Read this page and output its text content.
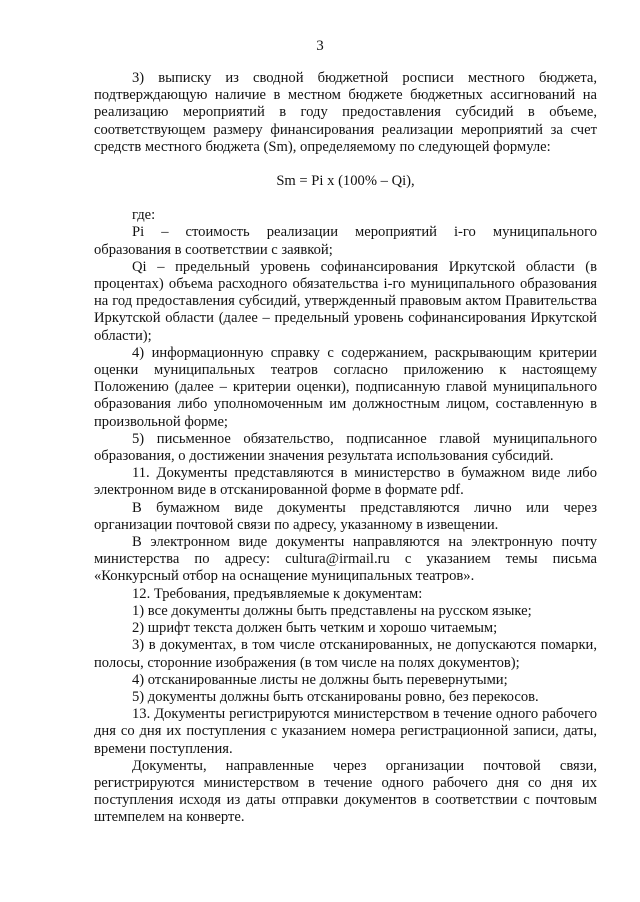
3

3) выписку из сводной бюджетной росписи местного бюджета, подтверждающую наличие в местном бюджете бюджетных ассигнований на реализацию мероприятий в году предоставления субсидий в объеме, соответствующем размеру финансирования реализации мероприятий за счет средств местного бюджета (Sm), определяемому по следующей формуле:

Sm = Pi x (100% – Qi),

где:

Pi – стоимость реализации мероприятий i-го муниципального образования в соответствии с заявкой;

Qi – предельный уровень софинансирования Иркутской области (в процентах) объема расходного обязательства i-го муниципального образования на год предоставления субсидий, утвержденный правовым актом Правительства Иркутской области (далее – предельный уровень софинансирования Иркутской области);

4) информационную справку с содержанием, раскрывающим критерии оценки муниципальных театров согласно приложению к настоящему Положению (далее – критерии оценки), подписанную главой муниципального образования либо уполномоченным им должностным лицом, составленную в произвольной форме;

5) письменное обязательство, подписанное главой муниципального образования, о достижении значения результата использования субсидий.

11. Документы представляются в министерство в бумажном виде либо электронном виде в отсканированной форме в формате pdf.

В бумажном виде документы представляются лично или через организации почтовой связи по адресу, указанному в извещении.

В электронном виде документы направляются на электронную почту министерства по адресу: cultura@irmail.ru с указанием темы письма «Конкурсный отбор на оснащение муниципальных театров».

12. Требования, предъявляемые к документам:

1) все документы должны быть представлены на русском языке;

2) шрифт текста должен быть четким и хорошо читаемым;

3) в документах, в том числе отсканированных, не допускаются помарки, полосы, сторонние изображения (в том числе на полях документов);

4) отсканированные листы не должны быть перевернутыми;

5) документы должны быть отсканированы ровно, без перекосов.

13. Документы регистрируются министерством в течение одного рабочего дня со дня их поступления с указанием номера регистрационной записи, даты, времени поступления.

Документы, направленные через организации почтовой связи, регистрируются министерством в течение одного рабочего дня со дня их поступления исходя из даты отправки документов в соответствии с почтовым штемпелем на конверте.
